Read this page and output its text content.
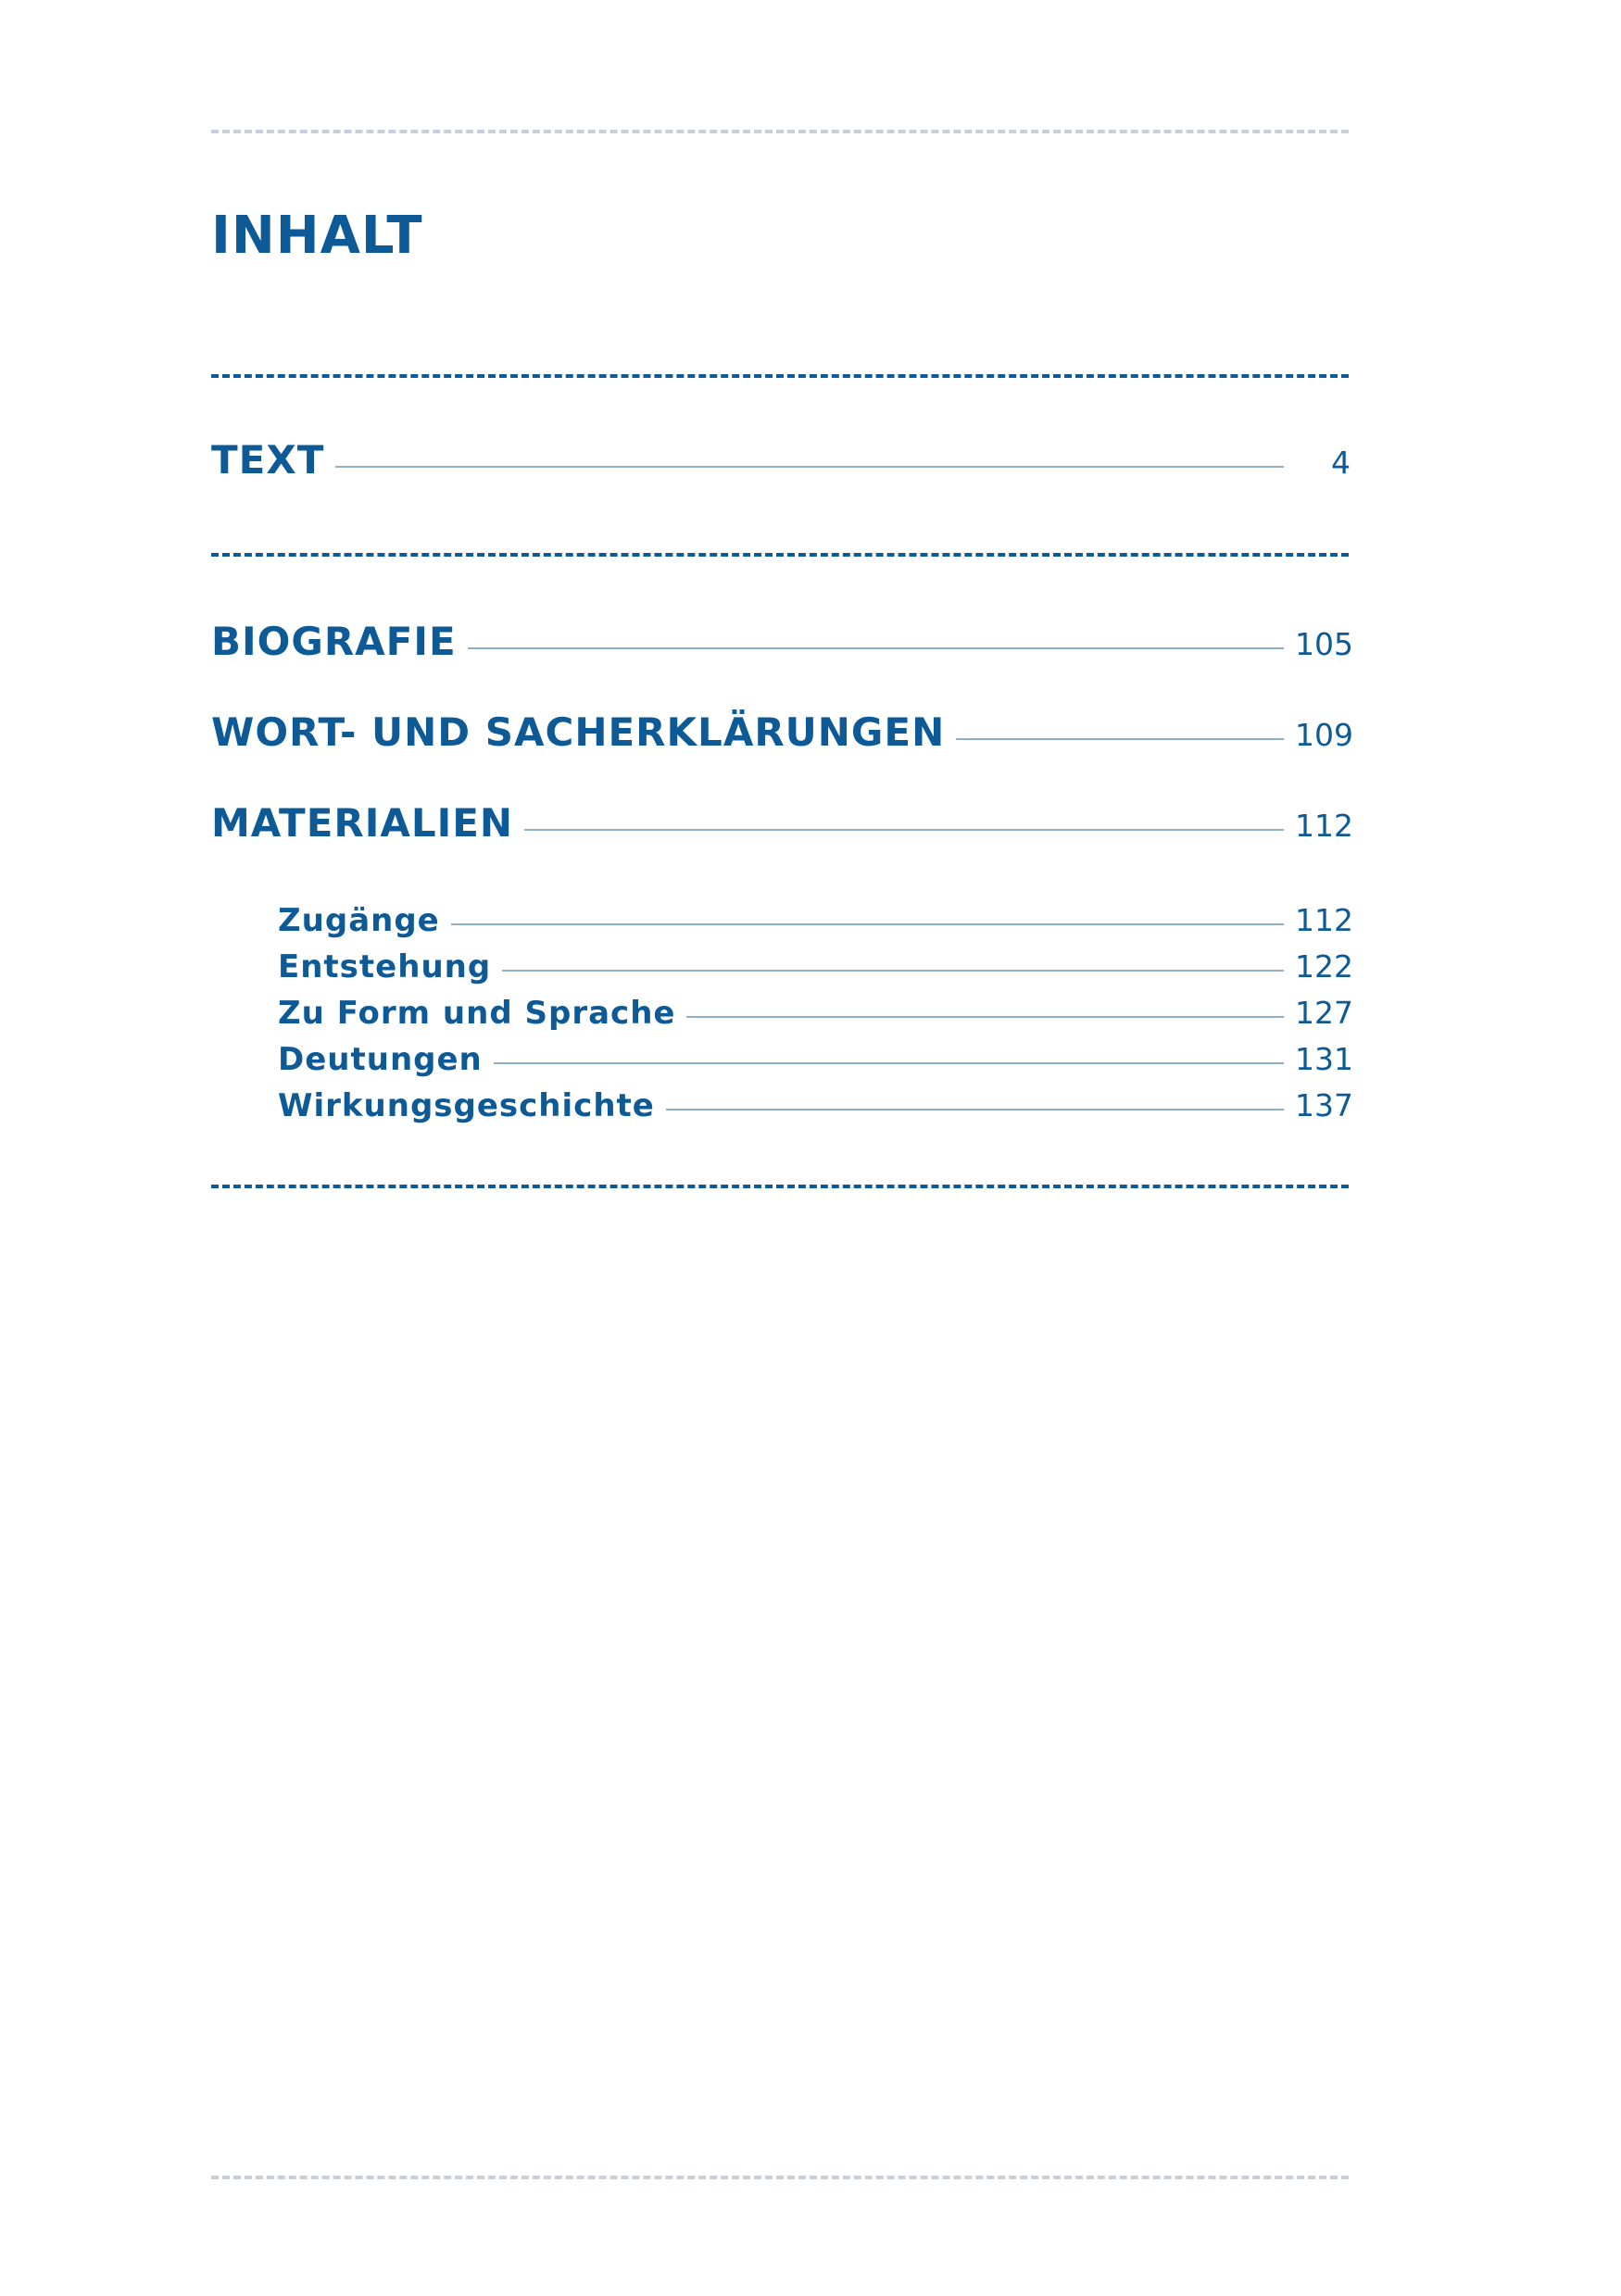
INHALT
TEXT	4
BIOGRAFIE	105
WORT- UND SACHERKLÄRUNGEN	109
MATERIALIEN	112
Zugänge	112
Entstehung	122
Zu Form und Sprache	127
Deutungen	131
Wirkungsgeschichte	137
